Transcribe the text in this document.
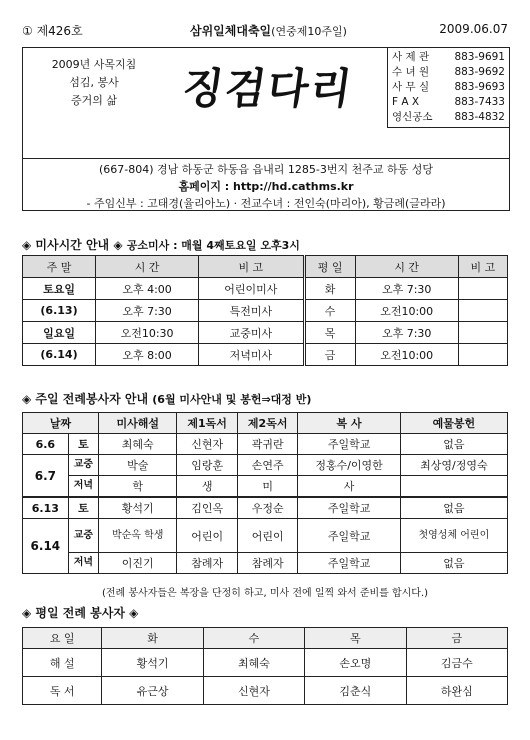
① 제426호	삼위일체대축일(연중제10주일)	2009.06.07
2009년 사목지침
섬김, 봉사
증거의 삶	징검다리
사 제 관 883-9691
수 녀 원 883-9692
사 무 실 883-9693
F A X	883-7433
영신공소 883-4832
(667-804) 경남 하동군 하동읍 읍내리 1285-3번지 천주교 하동 성당
홈페이지 : http://hd.cathms.kr
- 주임신부 : 고태경(율리아노) · 전교수녀 : 전인숙(마리아), 황금례(글라라)
◈ 미사시간 안내 ◈ 공소미사 : 매월 4째토요일 오후3시
주 말	시 간	비 고	평 일	시 간	비 고
토요일	오후 4:00	어린이미사	화	오후 7:30	
(6.13)	오후 7:30	특전미사	수	오전10:00	
일요일	오전10:30	교중미사	목	오후 7:30	
(6.14)	오후 8:00	저녁미사	금	오전10:00	
◈ 주일 전례봉사자 안내 (6월 미사안내 및 봉헌⇒대정 반)
날짜		미사해설	제1독서	제2독서	복 사	예물봉헌
6.6	토	최혜숙	신현자	곽귀란	주일학교	없음
6.7	교중	박술	임랑훈	손연주	정홍수/이영한	최상영/정영숙
	저녁	학	생	미	사	
6.13	토	황석기	김인옥	우정순	주일학교	없음
6.14	교중	박순옥 학생	어린이	어린이	주일학교	첫영성체 어린이
	저녁	이진기	참례자	참례자	주일학교	없음
(전례 봉사자들은 복장을 단정히 하고, 미사 전에 일찍 와서 준비를 합시다.)
◈ 평일 전례 봉사자 ◈
요 일	화	수	목	금
해 설	황석기	최혜숙	손오명	김금수
독 서	유근상	신현자	김춘식	하완심
